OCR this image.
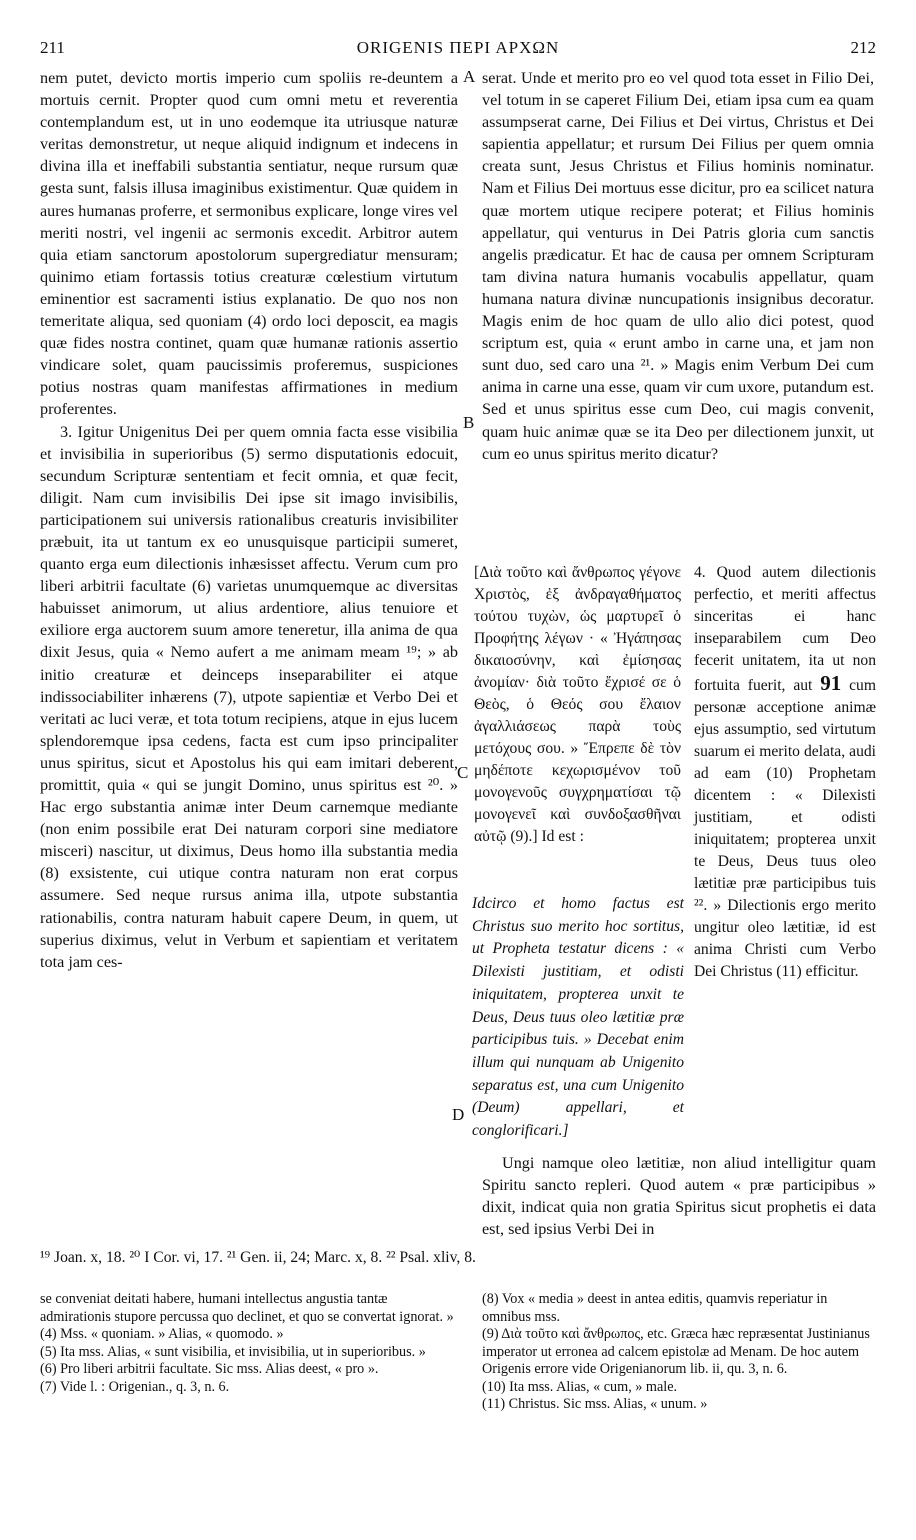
211	ORIGENIS ΠΕΡΙ ΑΡΧΩΝ	212

nem putet, devicto mortis imperio cum spoliis re-deuntem a mortuis cernit. Propter quod cum omni metu et reverentia contemplandum est, ut in uno eodemque ita utriusque naturæ veritas demonstretur, ut neque aliquid indignum et indecens in divina illa et ineffabili substantia sentiatur, neque rursum quæ gesta sunt, falsis illusa imaginibus existimentur. Quæ quidem in aures humanas proferre, et sermonibus explicare, longe vires vel meriti nostri, vel ingenii ac sermonis excedit. Arbitror autem quia etiam sanctorum apostolorum supergrediatur mensuram; quinimo etiam fortassis totius creaturæ cœlestium virtutum eminentior est sacramenti istius explanatio. De quo nos non temeritate aliqua, sed quoniam (4) ordo loci deposcit, ea magis quæ fides nostra continet, quam quæ humanæ rationis assertio vindicare solet, quam paucissimis proferemus, suspiciones potius nostras quam manifestas affirmationes in medium proferentes.

3. Igitur Unigenitus Dei per quem omnia facta esse visibilia et invisibilia in superioribus (5) sermo disputationis edocuit, secundum Scripturæ sententiam et fecit omnia, et quæ fecit, diligit. Nam cum invisibilis Dei ipse sit imago invisibilis, participationem sui universis rationalibus creaturis invisibiliter præbuit, ita ut tantum ex eo unusquisque participii sumeret, quanto erga eum dilectionis inhæsisset affectu. Verum cum pro liberi arbitrii facultate (6) varietas unumquemque ac diversitas habuisset animorum, ut alius ardentiore, alius tenuiore et exiliore erga auctorem suum amore teneretur, illa anima de qua dixit Jesus, quia « Nemo aufert a me animam meam ¹⁹; » ab initio creaturæ et deinceps inseparabiliter ei atque indissociabiliter inhærens (7), utpote sapientiæ et Verbo Dei et veritati ac luci veræ, et tota totum recipiens, atque in ejus lucem splendoremque ipsa cedens, facta est cum ipso principaliter unus spiritus, sicut et Apostolus his qui eam imitari deberent, promittit, quia « qui se jungit Domino, unus spiritus est ²⁰. » Hac ergo substantia animæ inter Deum carnemque mediante (non enim possibile erat Dei naturam corpori sine mediatore misceri) nascitur, ut diximus, Deus homo illa substantia media (8) exsistente, cui utique contra naturam non erat corpus assumere. Sed neque rursus anima illa, utpote substantia rationabilis, contra naturam habuit capere Deum, in quem, ut superius diximus, velut in Verbum et sapientiam et veritatem tota jam ces-

A
B
C
D

serat. Unde et merito pro eo vel quod tota esset in Filio Dei, vel totum in se caperet Filium Dei, etiam ipsa cum ea quam assumpserat carne, Dei Filius et Dei virtus, Christus et Dei sapientia appellatur; et rursum Dei Filius per quem omnia creata sunt, Jesus Christus et Filius hominis nominatur. Nam et Filius Dei mortuus esse dicitur, pro ea scilicet natura quæ mortem utique recipere poterat; et Filius hominis appellatur, qui venturus in Dei Patris gloria cum sanctis angelis prædicatur. Et hac de causa per omnem Scripturam tam divina natura humanis vocabulis appellatur, quam humana natura divinæ nuncupationis insignibus decoratur. Magis enim de hoc quam de ullo alio dici potest, quod scriptum est, quia « erunt ambo in carne una, et jam non sunt duo, sed caro una ²¹. » Magis enim Verbum Dei cum anima in carne una esse, quam vir cum uxore, putandum est. Sed et unus spiritus esse cum Deo, cui magis convenit, quam huic animæ quæ se ita Deo per dilectionem junxit, ut cum eo unus spiritus merito dicatur?

[Διὰ τοῦτο καὶ ἄνθρωπος γέγονε Χριστὸς, ἐξ ἀνδραγαθήματος τούτου τυχὼν, ὡς μαρτυρεῖ ὁ Προφήτης λέγων · « Ἠγάπησας δικαιοσύνην, καὶ ἐμίσησας ἀνομίαν· διὰ τοῦτο ἔχρισέ σε ὁ Θεὸς, ὁ Θεός σου ἔλαιον ἀγαλλιάσεως παρὰ τοὺς μετόχους σου. » Ἔπρεπε δὲ τὸν μηδέποτε κεχωρισμένον τοῦ μονογενοῦς συγχρηματίσαι τῷ μονογενεῖ καὶ συνδοξασθῆναι αὐτῷ (9).] Id est :
Idcirco et homo factus est Christus suo merito hoc sortitus, ut Propheta testatur dicens : « Dilexisti justitiam, et odisti iniquitatem, propterea unxit te Deus, Deus tuus oleo lætitiæ præ participibus tuis. » Decebat enim illum qui nunquam ab Unigenito separatus est, una cum Unigenito (Deum) appellari, et conglorificari.]
4. Quod autem dilectionis perfectio, et meriti affectus sinceritas ei hanc inseparabilem cum Deo fecerit unitatem, ita ut non fortuita fuerit, aut 91 cum personæ acceptione animæ ejus assumptio, sed virtutum suarum ei merito delata, audi ad eam (10) Prophetam dicentem : « Dilexisti justitiam, et odisti iniquitatem; propterea unxit te Deus, Deus tuus oleo lætitiæ præ participibus tuis ²². » Dilectionis ergo merito ungitur oleo lætitiæ, id est anima Christi cum Verbo Dei Christus (11) efficitur.

Ungi namque oleo lætitiæ, non aliud intelligitur quam Spiritu sancto repleri. Quod autem « præ participibus » dixit, indicat quia non gratia Spiritus sicut prophetis ei data est, sed ipsius Verbi Dei in

¹⁹ Joan. x, 18. ²⁰ I Cor. vi, 17. ²¹ Gen. ii, 24; Marc. x, 8. ²² Psal. xliv, 8.

se conveniat deitati habere, humani intellectus angustia tantæ admirationis stupore percussa quo declinet, et quo se convertat ignorat. »

(4) Mss. « quoniam. » Alias, « quomodo. »

(5) Ita mss. Alias, « sunt visibilia, et invisibilia, ut in superioribus. »

(6) Pro liberi arbitrii facultate. Sic mss. Alias deest, « pro ».

(7) Vide l. : Origenian., q. 3, n. 6.

(8) Vox « media » deest in antea editis, quamvis reperiatur in omnibus mss.

(9) Διὰ τοῦτο καὶ ἄνθρωπος, etc. Græca hæc repræsentat Justinianus imperator ut erronea ad calcem epistolæ ad Menam. De hoc autem Origenis errore vide Origenianorum lib. ii, qu. 3, n. 6.

(10) Ita mss. Alias, « cum, » male.

(11) Christus. Sic mss. Alias, « unum. »
